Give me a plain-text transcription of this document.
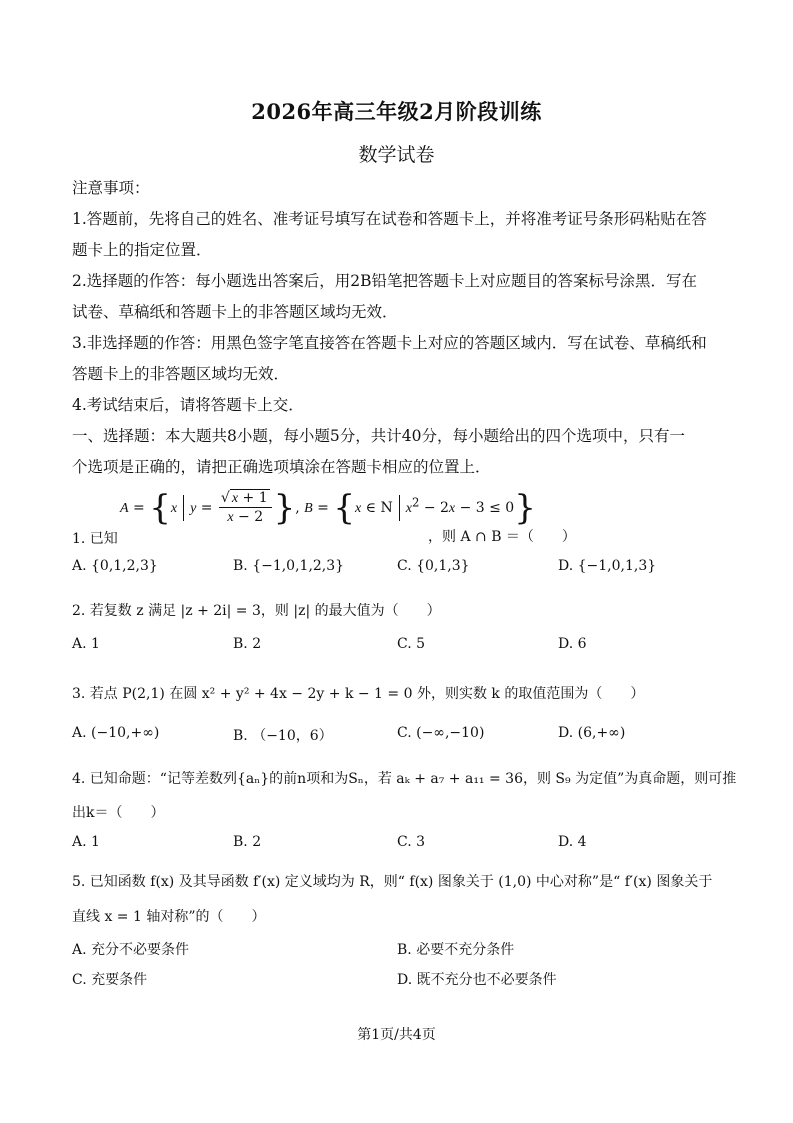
2026年高三年级2月阶段训练
数学试卷
注意事项：
1.答题前，先将自己的姓名、准考证号填写在试卷和答题卡上，并将准考证号条形码粘贴在答
题卡上的指定位置．
2.选择题的作答：每小题选出答案后，用2B铅笔把答题卡上对应题目的答案标号涂黑．写在
试卷、草稿纸和答题卡上的非答题区域均无效．
3.非选择题的作答：用黑色签字笔直接答在答题卡上对应的答题区域内．写在试卷、草稿纸和
答题卡上的非答题区域均无效．
4.考试结束后，请将答题卡上交．
一、选择题：本大题共8小题，每小题5分，共计40分，每小题给出的四个选项中，只有一
个选项是正确的，请把正确选项填涂在答题卡相应的位置上．
A = {x $y = \frac{√ x + 1}{x - 2}$ }, B = {x ∈ N $x^2 - 2x - 3 \le 0$}
1. 已知	，则 A ∩ B ＝（　　）
A. {0,1,2,3}	B. {−1,0,1,2,3}	C. {0,1,3}	D. {−1,0,1,3}
2. 若复数 z 满足 |z + 2i| = 3，则 |z| 的最大值为（　　）
A. 1	B. 2	C. 5	D. 6
3. 若点 P(2,1) 在圆 x² + y² + 4x − 2y + k − 1 = 0 外，则实数 k 的取值范围为（　　）
A. (−10,+∞)	B. （−10，6）	C. (−∞,−10)	D. (6,+∞)
4. 已知命题：“记等差数列{aₙ}的前n项和为Sₙ，若 aₖ + a₇ + a₁₁ = 36，则 S₉ 为定值”为真命题，则可推
出k＝（　　）
A. 1	B. 2	C. 3	D. 4
5. 已知函数 f(x) 及其导函数 f′(x) 定义域均为 R，则“ f(x) 图象关于 (1,0) 中心对称”是“ f′(x) 图象关于
直线 x = 1 轴对称”的（　　）
A. 充分不必要条件	B. 必要不充分条件
C. 充要条件	D. 既不充分也不必要条件
第1页/共4页
